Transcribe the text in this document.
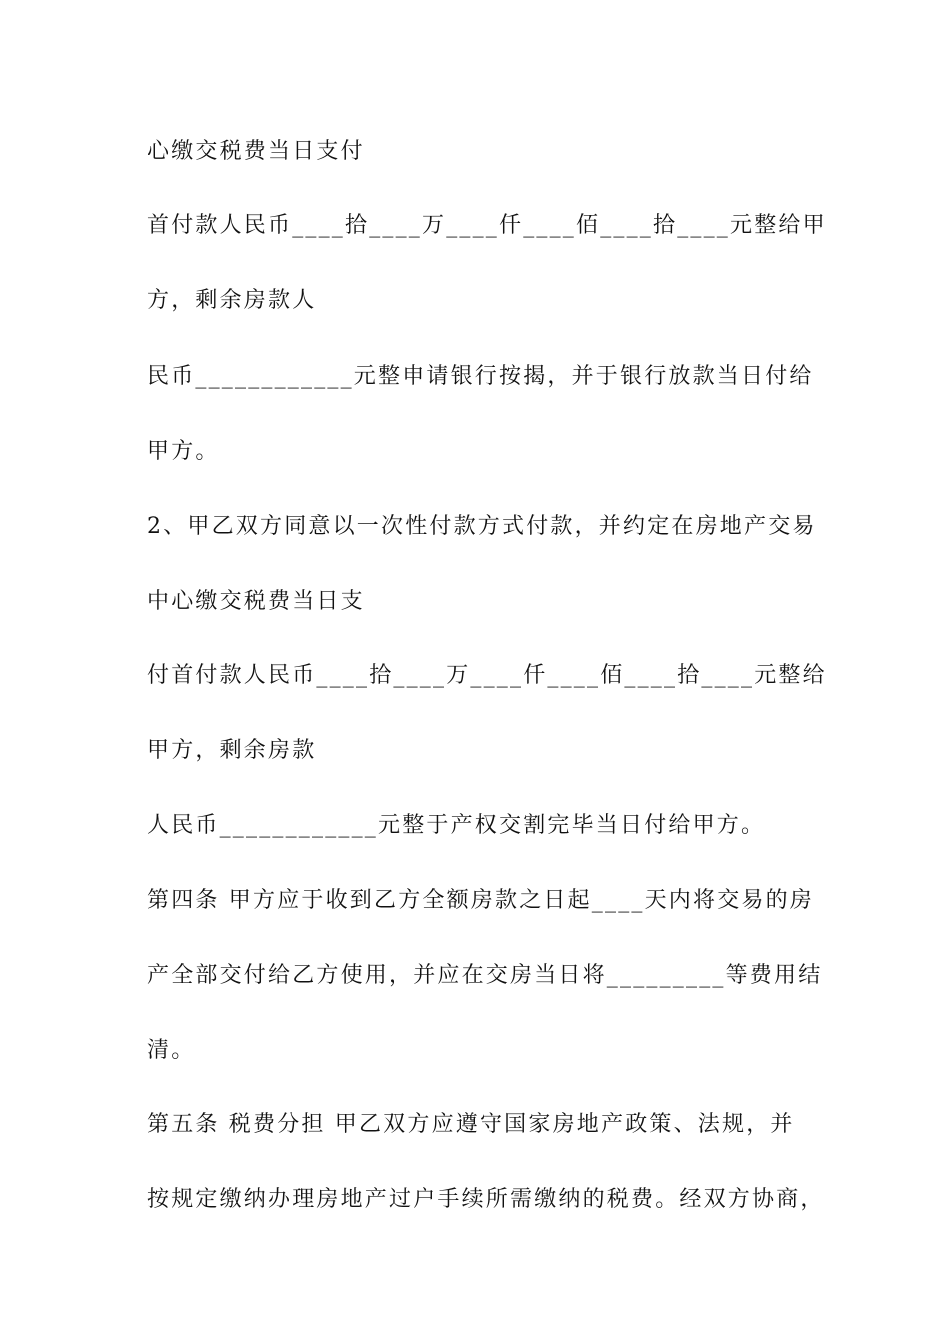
心缴交税费当日支付

首付款人民币____拾____万____仟____佰____拾____元整给甲

方，剩余房款人

民币____________元整申请银行按揭，并于银行放款当日付给

甲方。

2、甲乙双方同意以一次性付款方式付款，并约定在房地产交易

中心缴交税费当日支

付首付款人民币____拾____万____仟____佰____拾____元整给

甲方，剩余房款

人民币____________元整于产权交割完毕当日付给甲方。

第四条 甲方应于收到乙方全额房款之日起____天内将交易的房

产全部交付给乙方使用，并应在交房当日将_________等费用结

清。

第五条 税费分担 甲乙双方应遵守国家房地产政策、法规，并

按规定缴纳办理房地产过户手续所需缴纳的税费。经双方协商，
